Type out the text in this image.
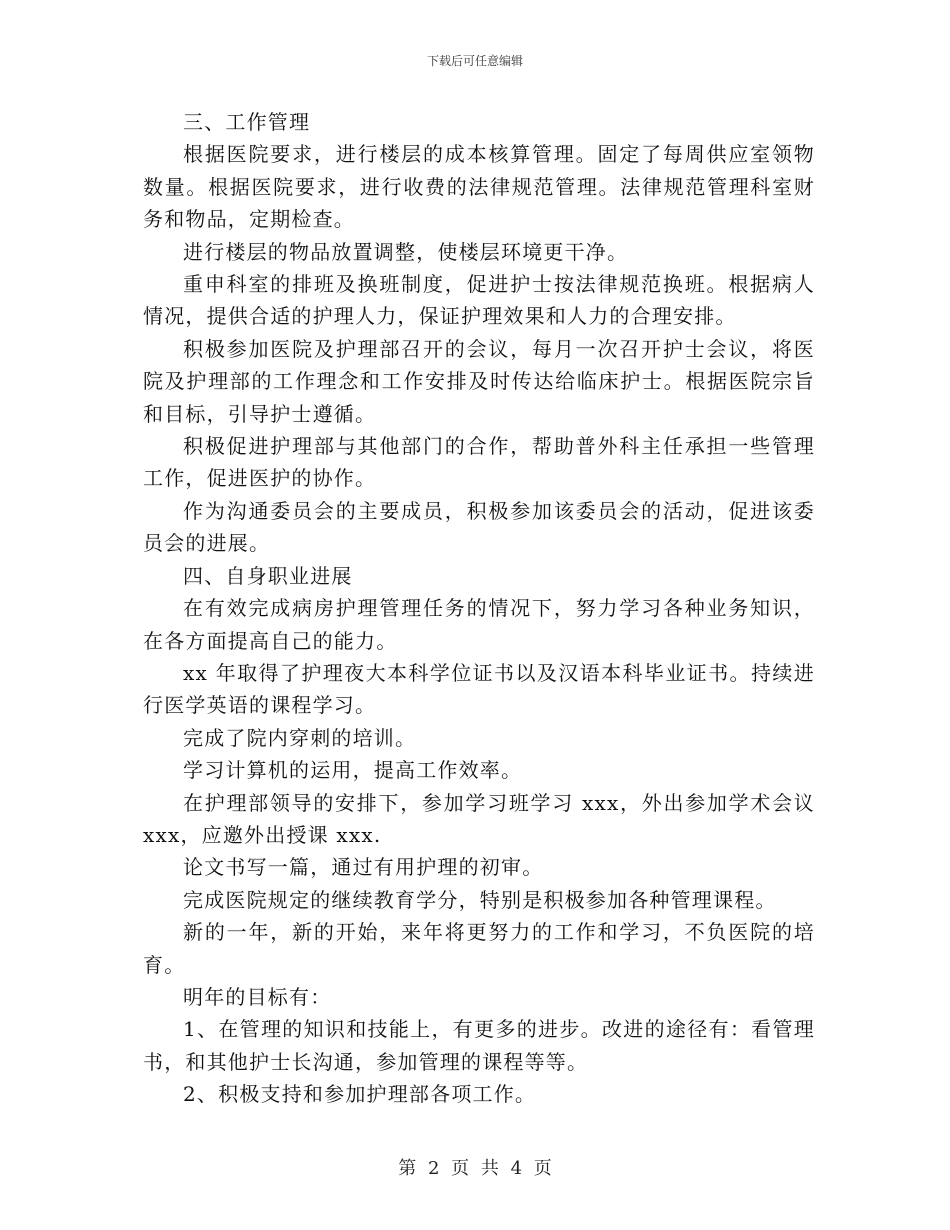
下载后可任意编辑

三、工作管理

根据医院要求，进行楼层的成本核算管理。固定了每周供应室领物数量。根据医院要求，进行收费的法律规范管理。法律规范管理科室财务和物品，定期检查。

进行楼层的物品放置调整，使楼层环境更干净。

重申科室的排班及换班制度，促进护士按法律规范换班。根据病人情况，提供合适的护理人力，保证护理效果和人力的合理安排。

积极参加医院及护理部召开的会议，每月一次召开护士会议，将医院及护理部的工作理念和工作安排及时传达给临床护士。根据医院宗旨和目标，引导护士遵循。

积极促进护理部与其他部门的合作，帮助普外科主任承担一些管理工作，促进医护的协作。

作为沟通委员会的主要成员，积极参加该委员会的活动，促进该委员会的进展。

四、自身职业进展

在有效完成病房护理管理任务的情况下，努力学习各种业务知识，在各方面提高自己的能力。

xx 年取得了护理夜大本科学位证书以及汉语本科毕业证书。持续进行医学英语的课程学习。

完成了院内穿刺的培训。

学习计算机的运用，提高工作效率。

在护理部领导的安排下，参加学习班学习 xxx，外出参加学术会议 xxx，应邀外出授课 xxx.

论文书写一篇，通过有用护理的初审。

完成医院规定的继续教育学分，特别是积极参加各种管理课程。

新的一年，新的开始，来年将更努力的工作和学习，不负医院的培育。

明年的目标有：

1、在管理的知识和技能上，有更多的进步。改进的途径有：看管理书，和其他护士长沟通，参加管理的课程等等。

2、积极支持和参加护理部各项工作。

第 2 页 共 4 页
